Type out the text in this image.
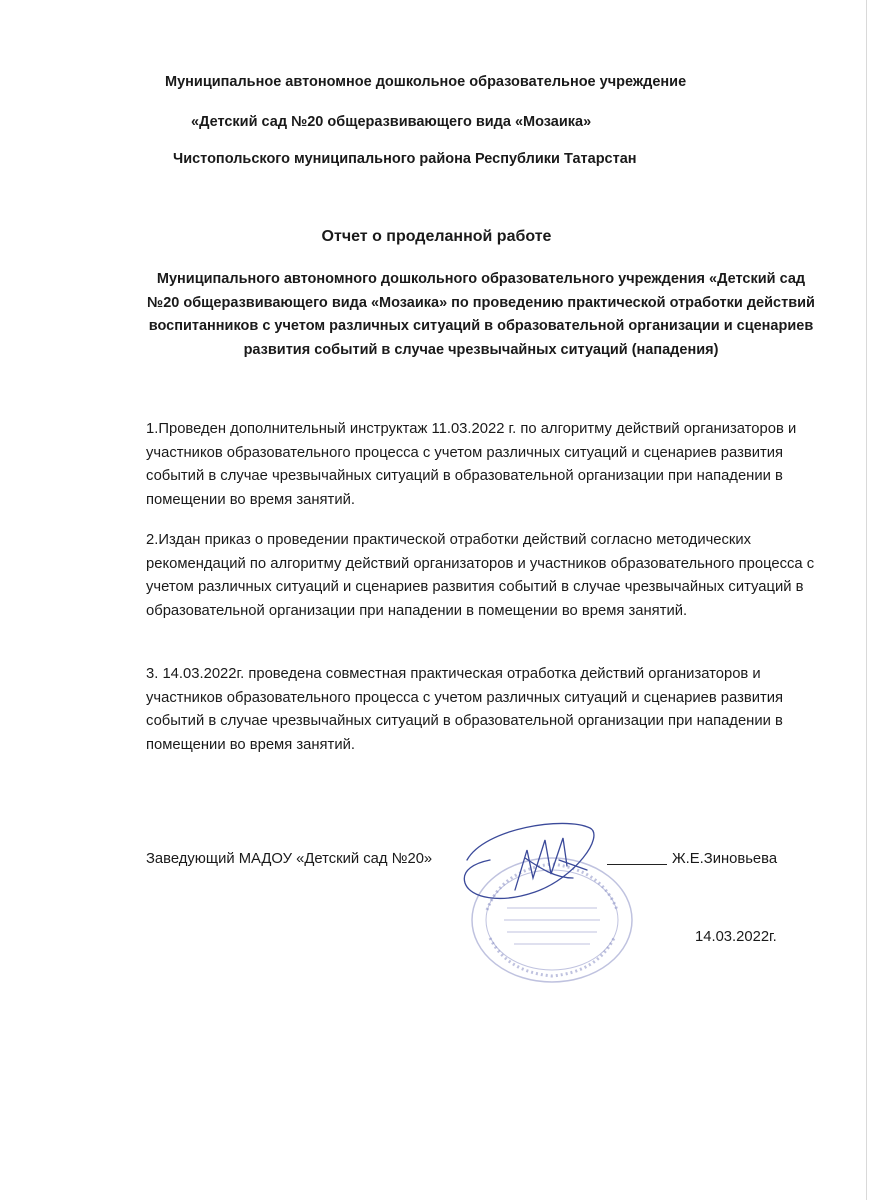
Муниципальное автономное дошкольное образовательное учреждение
«Детский сад №20 общеразвивающего вида «Мозаика»
Чистопольского муниципального района Республики Татарстан
Отчет о проделанной работе
Муниципального автономного дошкольного образовательного учреждения «Детский сад №20 общеразвивающего вида «Мозаика» по проведению практической отработки действий воспитанников с учетом различных ситуаций в образовательной организации и сценариев развития событий в случае чрезвычайных ситуаций (нападения)
1.Проведен дополнительный инструктаж 11.03.2022 г. по алгоритму действий организаторов и участников образовательного процесса с учетом различных ситуаций и сценариев развития событий в случае чрезвычайных ситуаций в образовательной организации при нападении в помещении во время занятий.
2.Издан приказ о проведении практической отработки действий согласно методических рекомендаций по алгоритму действий организаторов и участников образовательного процесса с учетом различных ситуаций и сценариев развития событий в случае чрезвычайных ситуаций в образовательной организации при нападении в помещении во время занятий.
3. 14.03.2022г. проведена совместная практическая отработка действий организаторов и участников образовательного процесса с учетом различных ситуаций и сценариев развития событий в случае чрезвычайных ситуаций в образовательной организации при нападении в помещении во время занятий.
Заведующий МАДОУ «Детский сад №20»	Ж.Е.Зиновьева
14.03.2022г.
